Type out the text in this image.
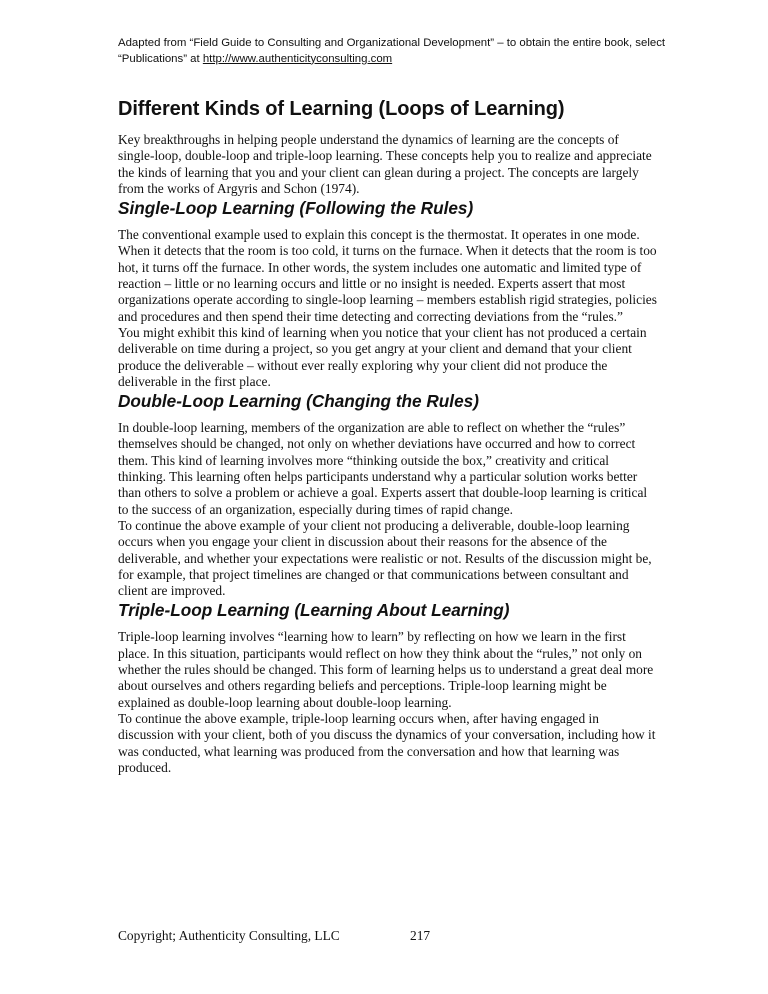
Adapted from “Field Guide to Consulting and Organizational Development” – to obtain the entire book, select “Publications” at http://www.authenticityconsulting.com
Different Kinds of Learning (Loops of Learning)

Key breakthroughs in helping people understand the dynamics of learning are the concepts of single-loop, double-loop and triple-loop learning. These concepts help you to realize and appreciate the kinds of learning that you and your client can glean during a project. The concepts are largely from the works of Argyris and Schon (1974).

Single-Loop Learning (Following the Rules)

The conventional example used to explain this concept is the thermostat. It operates in one mode. When it detects that the room is too cold, it turns on the furnace. When it detects that the room is too hot, it turns off the furnace. In other words, the system includes one automatic and limited type of reaction – little or no learning occurs and little or no insight is needed. Experts assert that most organizations operate according to single-loop learning – members establish rigid strategies, policies and procedures and then spend their time detecting and correcting deviations from the “rules.”

You might exhibit this kind of learning when you notice that your client has not produced a certain deliverable on time during a project, so you get angry at your client and demand that your client produce the deliverable – without ever really exploring why your client did not produce the deliverable in the first place.

Double-Loop Learning (Changing the Rules)

In double-loop learning, members of the organization are able to reflect on whether the “rules” themselves should be changed, not only on whether deviations have occurred and how to correct them. This kind of learning involves more “thinking outside the box,” creativity and critical thinking. This learning often helps participants understand why a particular solution works better than others to solve a problem or achieve a goal. Experts assert that double-loop learning is critical to the success of an organization, especially during times of rapid change.

To continue the above example of your client not producing a deliverable, double-loop learning occurs when you engage your client in discussion about their reasons for the absence of the deliverable, and whether your expectations were realistic or not. Results of the discussion might be, for example, that project timelines are changed or that communications between consultant and client are improved.

Triple-Loop Learning (Learning About Learning)

Triple-loop learning involves “learning how to learn” by reflecting on how we learn in the first place. In this situation, participants would reflect on how they think about the “rules,” not only on whether the rules should be changed. This form of learning helps us to understand a great deal more about ourselves and others regarding beliefs and perceptions. Triple-loop learning might be explained as double-loop learning about double-loop learning.

To continue the above example, triple-loop learning occurs when, after having engaged in discussion with your client, both of you discuss the dynamics of your conversation, including how it was conducted, what learning was produced from the conversation and how that learning was produced.

Copyright; Authenticity Consulting, LLC	217
